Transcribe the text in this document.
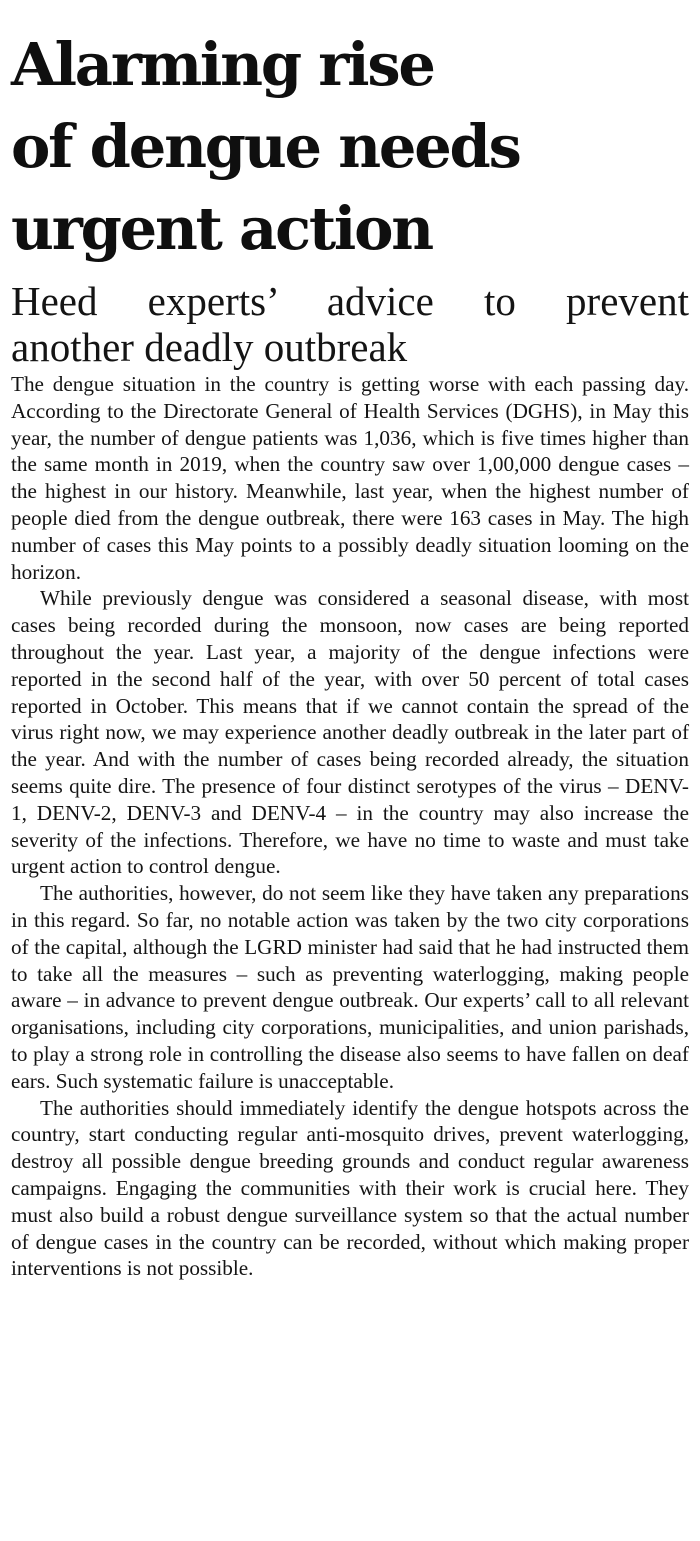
Alarming rise
of dengue needs
urgent action
Heed experts’ advice to prevent
another deadly outbreak

The dengue situation in the country is getting worse with each passing day. According to the Directorate General of Health Services (DGHS), in May this year, the number of dengue patients was 1,036, which is five times higher than the same month in 2019, when the country saw over 1,00,000 dengue cases – the highest in our history. Meanwhile, last year, when the highest number of people died from the dengue outbreak, there were 163 cases in May. The high number of cases this May points to a possibly deadly situation looming on the horizon.

While previously dengue was considered a seasonal disease, with most cases being recorded during the monsoon, now cases are being reported throughout the year. Last year, a majority of the dengue infections were reported in the second half of the year, with over 50 percent of total cases reported in October. This means that if we cannot contain the spread of the virus right now, we may experience another deadly outbreak in the later part of the year. And with the number of cases being recorded already, the situation seems quite dire. The presence of four distinct serotypes of the virus – DENV-1, DENV-2, DENV-3 and DENV-4 – in the country may also increase the severity of the infections. Therefore, we have no time to waste and must take urgent action to control dengue.

The authorities, however, do not seem like they have taken any preparations in this regard. So far, no notable action was taken by the two city corporations of the capital, although the LGRD minister had said that he had instructed them to take all the measures – such as preventing waterlogging, making people aware – in advance to prevent dengue outbreak. Our experts’ call to all relevant organisations, including city corporations, municipalities, and union parishads, to play a strong role in controlling the disease also seems to have fallen on deaf ears. Such systematic failure is unacceptable.

The authorities should immediately identify the dengue hotspots across the country, start conducting regular anti-mosquito drives, prevent waterlogging, destroy all possible dengue breeding grounds and conduct regular awareness campaigns. Engaging the communities with their work is crucial here. They must also build a robust dengue surveillance system so that the actual number of dengue cases in the country can be recorded, without which making proper interventions is not possible.
